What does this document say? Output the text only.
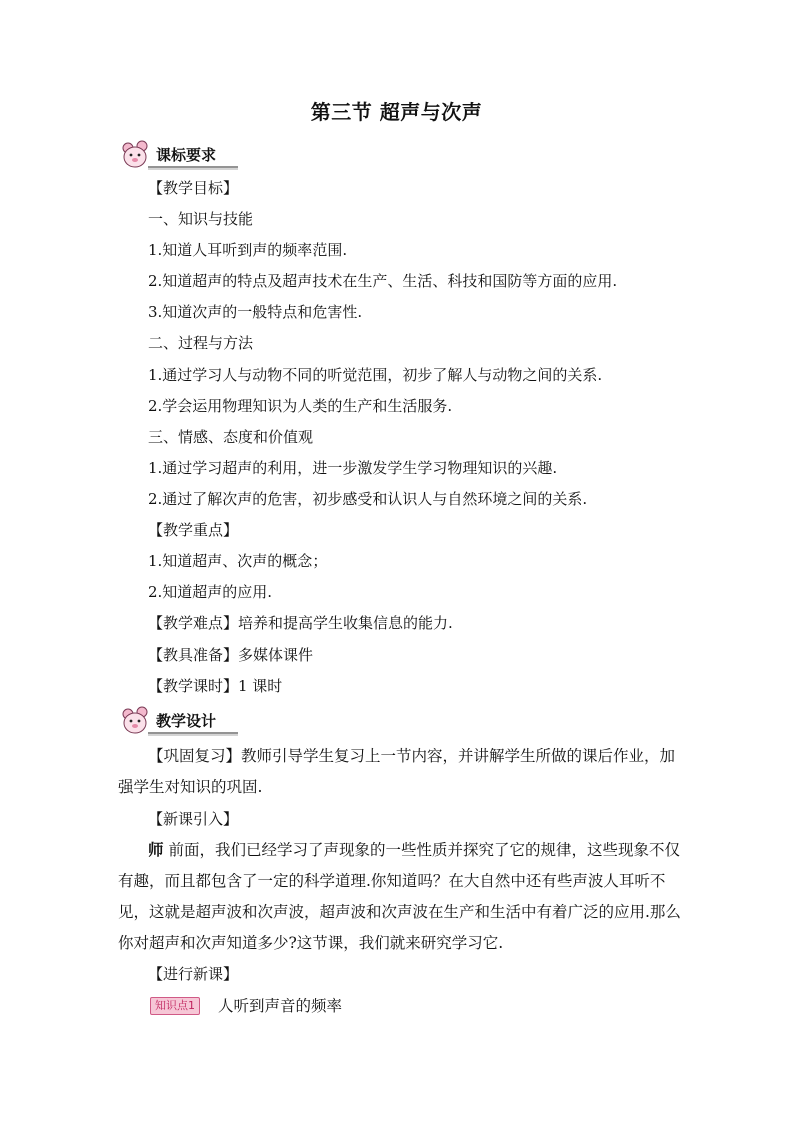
第三节 超声与次声
课标要求
【教学目标】
一、知识与技能
1.知道人耳听到声的频率范围.
2.知道超声的特点及超声技术在生产、生活、科技和国防等方面的应用.
3.知道次声的一般特点和危害性.
二、过程与方法
1.通过学习人与动物不同的听觉范围，初步了解人与动物之间的关系.
2.学会运用物理知识为人类的生产和生活服务.
三、情感、态度和价值观
1.通过学习超声的利用，进一步激发学生学习物理知识的兴趣.
2.通过了解次声的危害，初步感受和认识人与自然环境之间的关系.
【教学重点】
1.知道超声、次声的概念；
2.知道超声的应用.
【教学难点】培养和提高学生收集信息的能力.
【教具准备】多媒体课件
【教学课时】1 课时
教学设计
【巩固复习】教师引导学生复习上一节内容，并讲解学生所做的课后作业，加强学生对知识的巩固.
【新课引入】
师 前面，我们已经学习了声现象的一些性质并探究了它的规律，这些现象不仅有趣，而且都包含了一定的科学道理.你知道吗？在大自然中还有些声波人耳听不见，这就是超声波和次声波，超声波和次声波在生产和生活中有着广泛的应用.那么你对超声和次声知道多少?这节课，我们就来研究学习它.
【进行新课】
知识点1 人听到声音的频率
